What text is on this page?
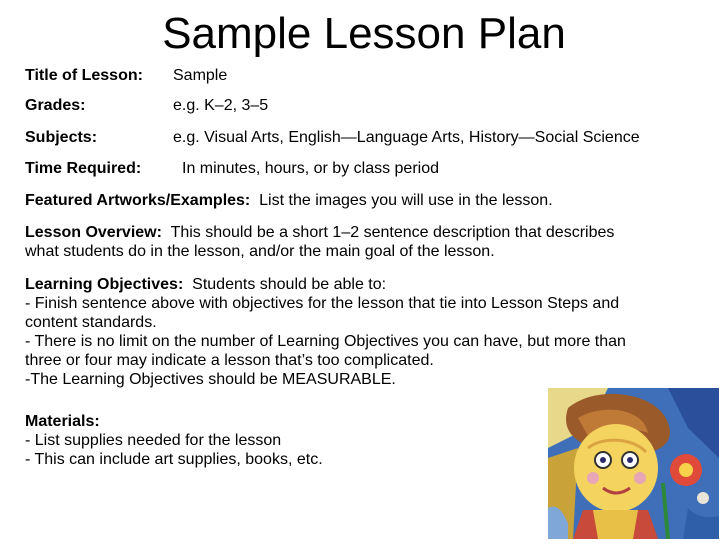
Sample Lesson Plan
Title of Lesson: Sample
Grades:	e.g. K–2, 3–5
Subjects:	e.g. Visual Arts, English—Language Arts, History—Social Science
Time Required:	In minutes, hours, or by class period
Featured Artworks/Examples: List the images you will use in the lesson.
Lesson Overview: This should be a short 1–2 sentence description that describes
what students do in the lesson, and/or the main goal of the lesson.
Learning Objectives: Students should be able to:
- Finish sentence above with objectives for the lesson that tie into Lesson Steps and
content standards.
- There is no limit on the number of Learning Objectives you can have, but more than
three or four may indicate a lesson that’s too complicated.
-The Learning Objectives should be MEASURABLE.
Materials:
- List supplies needed for the lesson
- This can include art supplies, books, etc.
